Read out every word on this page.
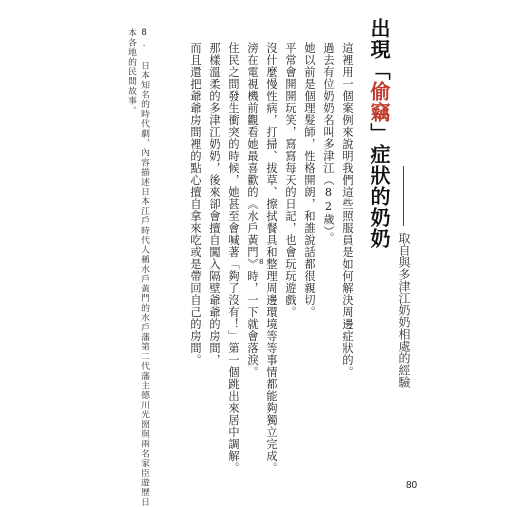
出現「偷竊」症狀的奶奶
取自與多津江奶奶相處的經驗
這裡用一個案例來說明我們這些照服員是如何解決周邊症狀的。
過去有位奶奶名叫多津江（82歲）。
她以前是個理髮師，性格開朗，和誰說話都很親切。
平常會開開玩笑，寫寫每天的日記，也會玩玩遊戲。
沒什麼慢性病，打掃、拔草、擦拭餐具和整理周邊環境等等事情都能夠獨立完成。
滂在電視機前觀看她最喜歡的《水戶黃門》時，一下就會落淚。
住民之間發生衝突的時候，她甚至會喊著「夠了沒有！」第一個跳出來居中調解。
那樣溫柔的多津江奶奶，後來卻會擅自闖入隔壁爺爺的房間，
而且還把爺爺房間裡的點心擅自拿來吃或是帶回自己的房間。	8
8. 日本知名的時代劇，內容描述日本江戶時代人稱水戶黃門的水戶藩第二代藩主德川光圀與兩名家臣遊歷日
本各地的民間故事。
80
